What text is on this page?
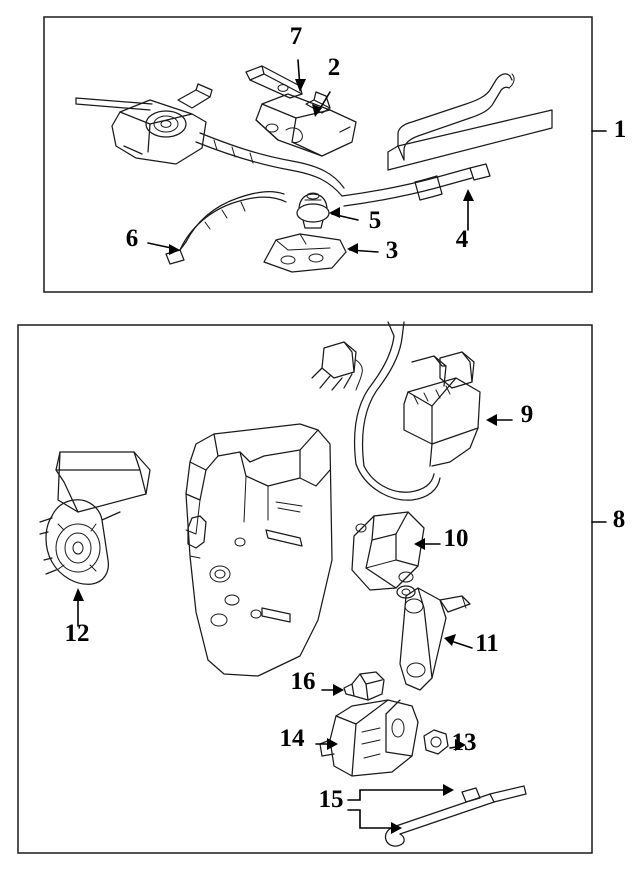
1
2
3 4
5
6
7
8
9
10
11
12
13
14
15
16
